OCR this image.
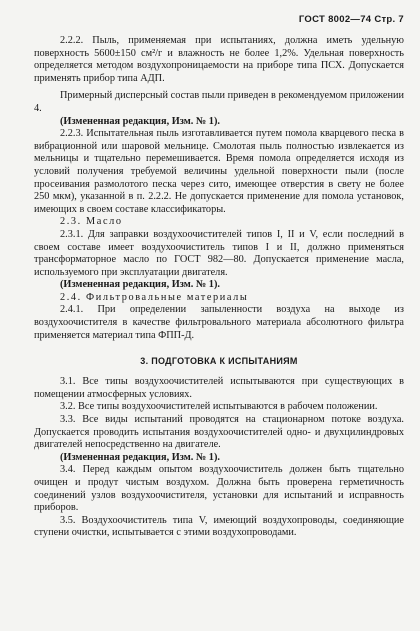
ГОСТ 8002—74 Стр. 7

2.2.2. Пыль, применяемая при испытаниях, должна иметь удельную поверхность 5600±150 см²/г и влажность не более 1,2%. Удельная поверхность определяется методом воздухопроницаемости на приборе типа ПСХ. Допускается применять прибор типа АДП.

Примерный дисперсный состав пыли приведен в рекомендуемом приложении 4.

(Измененная редакция, Изм. № 1).

2.2.3. Испытательная пыль изготавливается путем помола кварцевого песка в вибрационной или шаровой мельнице. Смолотая пыль полностью извлекается из мельницы и тщательно перемешивается. Время помола определяется исходя из условий получения требуемой величины удельной поверхности пыли (после просеивания размолотого песка через сито, имеющее отверстия в свету не более 250 мкм), указанной в п. 2.2.2. Не допускается применение для помола установок, имеющих в своем составе классификаторы.

2.3. Масло

2.3.1. Для заправки воздухоочистителей типов I, II и V, если последний в своем составе имеет воздухоочиститель типов I и II, должно применяться трансформаторное масло по ГОСТ 982—80. Допускается применение масла, используемого при эксплуатации двигателя.

(Измененная редакция, Изм. № 1).

2.4. Фильтровальные материалы

2.4.1. При определении запыленности воздуха на выходе из воздухоочистителя в качестве фильтровального материала абсолютного фильтра применяется материал типа ФПП-Д.

3. ПОДГОТОВКА К ИСПЫТАНИЯМ

3.1. Все типы воздухоочистителей испытываются при существующих в помещении атмосферных условиях.

3.2. Все типы воздухоочистителей испытываются в рабочем положении.

3.3. Все виды испытаний проводятся на стационарном потоке воздуха. Допускается проводить испытания воздухоочистителей одно- и двухцилиндровых двигателей непосредственно на двигателе.

(Измененная редакция, Изм. № 1).

3.4. Перед каждым опытом воздухоочиститель должен быть тщательно очищен и продут чистым воздухом. Должна быть проверена герметичность соединений узлов воздухоочистителя, установки для испытаний и исправность приборов.

3.5. Воздухоочиститель типа V, имеющий воздухопроводы, соединяющие ступени очистки, испытывается с этими воздухопроводами.
